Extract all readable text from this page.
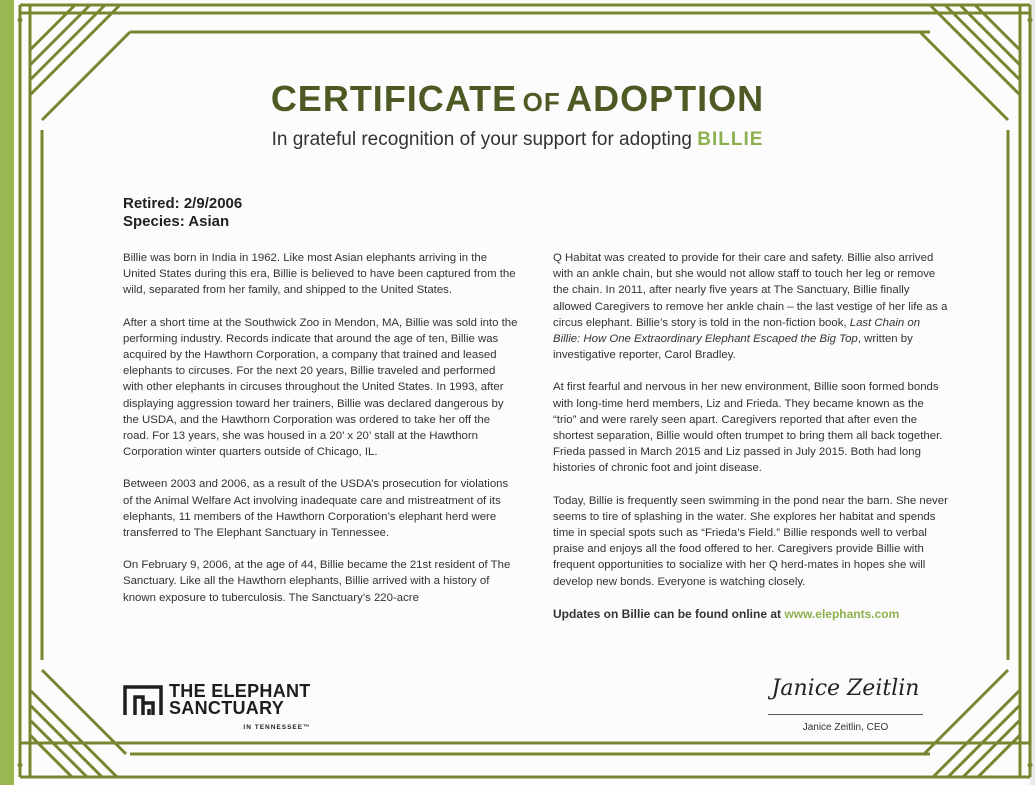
CERTIFICATE OF ADOPTION
In grateful recognition of your support for adopting BILLIE
Retired: 2/9/2006
Species: Asian

Billie was born in India in 1962. Like most Asian elephants arriving in the United States during this era, Billie is believed to have been captured from the wild, separated from her family, and shipped to the United States.

After a short time at the Southwick Zoo in Mendon, MA, Billie was sold into the performing industry. Records indicate that around the age of ten, Billie was acquired by the Hawthorn Corporation, a company that trained and leased elephants to circuses. For the next 20 years, Billie traveled and performed with other elephants in circuses throughout the United States. In 1993, after displaying aggression toward her trainers, Billie was declared dangerous by the USDA, and the Hawthorn Corporation was ordered to take her off the road. For 13 years, she was housed in a 20’ x 20’ stall at the Hawthorn Corporation winter quarters outside of Chicago, IL.

Between 2003 and 2006, as a result of the USDA’s prosecution for violations of the Animal Welfare Act involving inadequate care and mistreatment of its elephants, 11 members of the Hawthorn Corporation’s elephant herd were transferred to The Elephant Sanctuary in Tennessee.

On February 9, 2006, at the age of 44, Billie became the 21st resident of The Sanctuary. Like all the Hawthorn elephants, Billie arrived with a history of known exposure to tuberculosis. The Sanctuary’s 220-acre

Q Habitat was created to provide for their care and safety. Billie also arrived with an ankle chain, but she would not allow staff to touch her leg or remove the chain. In 2011, after nearly five years at The Sanctuary, Billie finally allowed Caregivers to remove her ankle chain – the last vestige of her life as a circus elephant. Billie’s story is told in the non-fiction book, Last Chain on Billie: How One Extraordinary Elephant Escaped the Big Top, written by investigative reporter, Carol Bradley.

At first fearful and nervous in her new environment, Billie soon formed bonds with long-time herd members, Liz and Frieda. They became known as the “trio” and were rarely seen apart. Caregivers reported that after even the shortest separation, Billie would often trumpet to bring them all back together. Frieda passed in March 2015 and Liz passed in July 2015. Both had long histories of chronic foot and joint disease.

Today, Billie is frequently seen swimming in the pond near the barn. She never seems to tire of splashing in the water. She explores her habitat and spends time in special spots such as “Frieda’s Field.” Billie responds well to verbal praise and enjoys all the food offered to her. Caregivers provide Billie with frequent opportunities to socialize with her Q herd-mates in hopes she will develop new bonds. Everyone is watching closely.

Updates on Billie can be found online at www.elephants.com
THE ELEPHANT
SANCTUARY
IN TENNESSEE™
Janice Zeitlin
Janice Zeitlin, CEO
